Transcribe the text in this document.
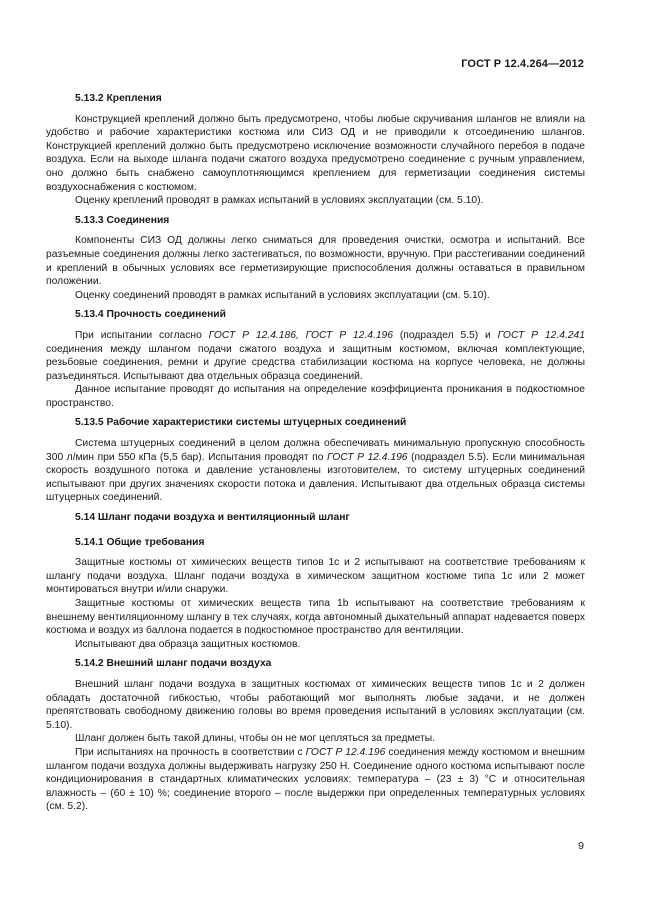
ГОСТ Р 12.4.264—2012
5.13.2 Крепления

Конструкцией креплений должно быть предусмотрено, чтобы любые скручивания шлангов не влияли на удобство и рабочие характеристики костюма или СИЗ ОД и не приводили к отсоединению шлангов. Конструкцией креплений должно быть предусмотрено исключение возможности случайного перебоя в подаче воздуха. Если на выходе шланга подачи сжатого воздуха предусмотрено соединение с ручным управлением, оно должно быть снабжено самоуплотняющимся креплением для герметизации соединения системы воздухоснабжения с костюмом.

Оценку креплений проводят в рамках испытаний в условиях эксплуатации (см. 5.10).

5.13.3 Соединения

Компоненты СИЗ ОД должны легко сниматься для проведения очистки, осмотра и испытаний. Все разъемные соединения должны легко застегиваться, по возможности, вручную. При расстегивании соединений и креплений в обычных условиях все герметизирующие приспособления должны оставаться в правильном положении.

Оценку соединений проводят в рамках испытаний в условиях эксплуатации (см. 5.10).

5.13.4 Прочность соединений

При испытании согласно ГОСТ Р 12.4.186, ГОСТ Р 12.4.196 (подраздел 5.5) и ГОСТ Р 12.4.241 соединения между шлангом подачи сжатого воздуха и защитным костюмом, включая комплектующие, резьбовые соединения, ремни и другие средства стабилизации костюма на корпусе человека, не должны разъединяться. Испытывают два отдельных образца соединений.

Данное испытание проводят до испытания на определение коэффициента проникания в подкостюмное пространство.

5.13.5 Рабочие характеристики системы штуцерных соединений

Система штуцерных соединений в целом должна обеспечивать минимальную пропускную способность 300 л/мин при 550 кПа (5,5 бар). Испытания проводят по ГОСТ Р 12.4.196 (подраздел 5.5). Если минимальная скорость воздушного потока и давление установлены изготовителем, то систему штуцерных соединений испытывают при других значениях скорости потока и давления. Испытывают два отдельных образца системы штуцерных соединений.

5.14 Шланг подачи воздуха и вентиляционный шланг
5.14.1 Общие требования

Защитные костюмы от химических веществ типов 1c и 2 испытывают на соответствие требованиям к шлангу подачи воздуха. Шланг подачи воздуха в химическом защитном костюме типа 1c или 2 может монтироваться внутри и/или снаружи.

Защитные костюмы от химических веществ типа 1b испытывают на соответствие требованиям к внешнему вентиляционному шлангу в тех случаях, когда автономный дыхательный аппарат надевается поверх костюма и воздух из баллона подается в подкостюмное пространство для вентиляции.

Испытывают два образца защитных костюмов.

5.14.2 Внешний шланг подачи воздуха

Внешний шланг подачи воздуха в защитных костюмах от химических веществ типов 1c и 2 должен обладать достаточной гибкостью, чтобы работающий мог выполнять любые задачи, и не должен препятствовать свободному движению головы во время проведения испытаний в условиях эксплуатации (см. 5.10).

Шланг должен быть такой длины, чтобы он не мог цепляться за предметы.

При испытаниях на прочность в соответствии с ГОСТ Р 12.4.196 соединения между костюмом и внешним шлангом подачи воздуха должны выдерживать нагрузку 250 Н. Соединение одного костюма испытывают после кондиционирования в стандартных климатических условиях: температура – (23 ± 3) °С и относительная влажность – (60 ± 10) %; соединение второго – после выдержки при определенных температурных условиях (см. 5.2).

9
